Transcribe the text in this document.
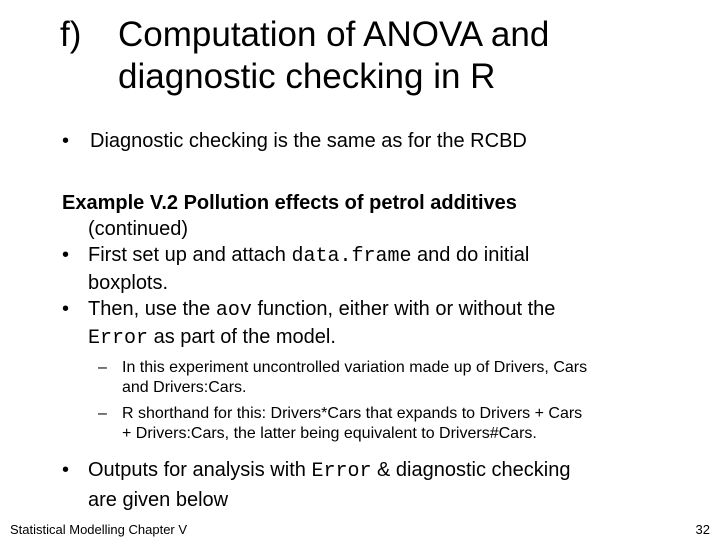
f) Computation of ANOVA and
diagnostic checking in R
• Diagnostic checking is the same as for the RCBD
Example V.2 Pollution effects of petrol additives
(continued)
• First set up and attach data.frame and do initial
boxplots.
• Then, use the aov function, either with or without the
Error as part of the model.
– In this experiment uncontrolled variation made up of Drivers, Cars
and Drivers:Cars.
– R shorthand for this: Drivers*Cars that expands to Drivers + Cars
+ Drivers:Cars, the latter being equivalent to Drivers#Cars.
• Outputs for analysis with Error & diagnostic checking
are given below
Statistical Modelling Chapter V	32
